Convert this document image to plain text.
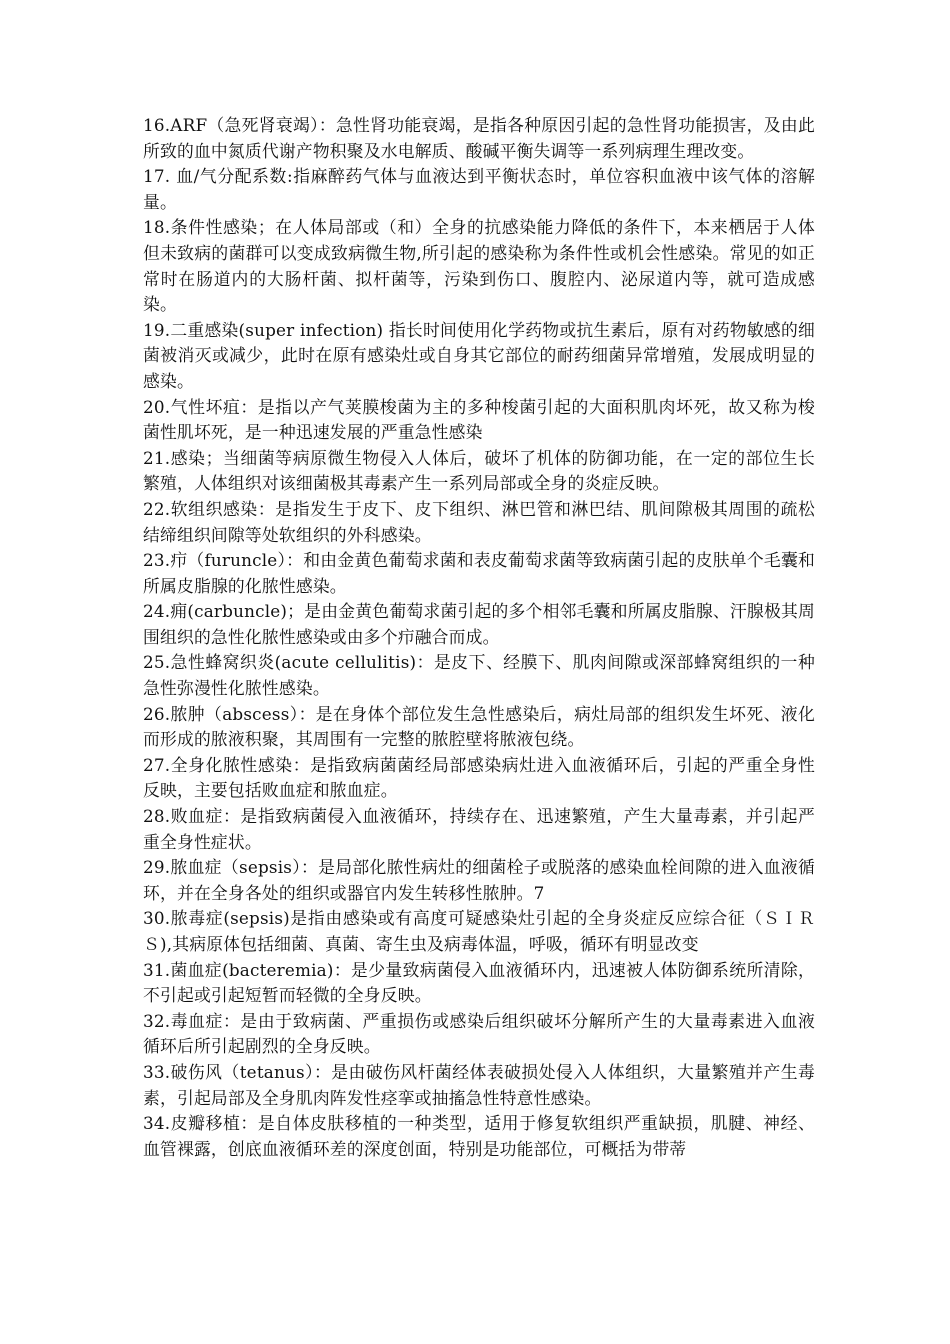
16.ARF（急死肾衰竭）：急性肾功能衰竭，是指各种原因引起的急性肾功能损害，及由此所致的血中氮质代谢产物积聚及水电解质、酸碱平衡失调等一系列病理生理改变。

17. 血/气分配系数:指麻醉药气体与血液达到平衡状态时，单位容积血液中该气体的溶解量。

18.条件性感染；在人体局部或（和）全身的抗感染能力降低的条件下，本来栖居于人体但未致病的菌群可以变成致病微生物,所引起的感染称为条件性或机会性感染。常见的如正常时在肠道内的大肠杆菌、拟杆菌等，污染到伤口、腹腔内、泌尿道内等，就可造成感染。

19.二重感染(super infection) 指长时间使用化学药物或抗生素后，原有对药物敏感的细菌被消灭或减少，此时在原有感染灶或自身其它部位的耐药细菌异常增殖，发展成明显的感染。

20.气性坏疽：是指以产气荚膜梭菌为主的多种梭菌引起的大面积肌肉坏死，故又称为梭菌性肌坏死，是一种迅速发展的严重急性感染

21.感染；当细菌等病原微生物侵入人体后，破坏了机体的防御功能，在一定的部位生长繁殖，人体组织对该细菌极其毒素产生一系列局部或全身的炎症反映。

22.软组织感染：是指发生于皮下、皮下组织、淋巴管和淋巴结、肌间隙极其周围的疏松结缔组织间隙等处软组织的外科感染。

23.疖（furuncle）：和由金黄色葡萄求菌和表皮葡萄求菌等致病菌引起的皮肤单个毛囊和所属皮脂腺的化脓性感染。

24.痈(carbuncle)；是由金黄色葡萄求菌引起的多个相邻毛囊和所属皮脂腺、汗腺极其周围组织的急性化脓性感染或由多个疖融合而成。

25.急性蜂窝织炎(acute cellulitis)：是皮下、经膜下、肌肉间隙或深部蜂窝组织的一种急性弥漫性化脓性感染。

26.脓肿（abscess）：是在身体个部位发生急性感染后，病灶局部的组织发生坏死、液化而形成的脓液积聚，其周围有一完整的脓腔壁将脓液包绕。

27.全身化脓性感染：是指致病菌菌经局部感染病灶进入血液循环后，引起的严重全身性反映，主要包括败血症和脓血症。

28.败血症：是指致病菌侵入血液循环，持续存在、迅速繁殖，产生大量毒素，并引起严重全身性症状。

29.脓血症（sepsis）：是局部化脓性病灶的细菌栓子或脱落的感染血栓间隙的进入血液循环，并在全身各处的组织或器官内发生转移性脓肿。7

30.脓毒症(sepsis)是指由感染或有高度可疑感染灶引起的全身炎症反应综合征（ＳＩＲＳ),其病原体包括细菌、真菌、寄生虫及病毒体温，呼吸，循环有明显改变

31.菌血症(bacteremia)：是少量致病菌侵入血液循环内，迅速被人体防御系统所清除，不引起或引起短暂而轻微的全身反映。

32.毒血症：是由于致病菌、严重损伤或感染后组织破坏分解所产生的大量毒素进入血液循环后所引起剧烈的全身反映。

33.破伤风（tetanus）：是由破伤风杆菌经体表破损处侵入人体组织，大量繁殖并产生毒素，引起局部及全身肌肉阵发性痉挛或抽搐急性特意性感染。

34.皮瓣移植：是自体皮肤移植的一种类型，适用于修复软组织严重缺损，肌腱、神经、血管裸露，创底血液循环差的深度创面，特别是功能部位，可概括为带蒂
